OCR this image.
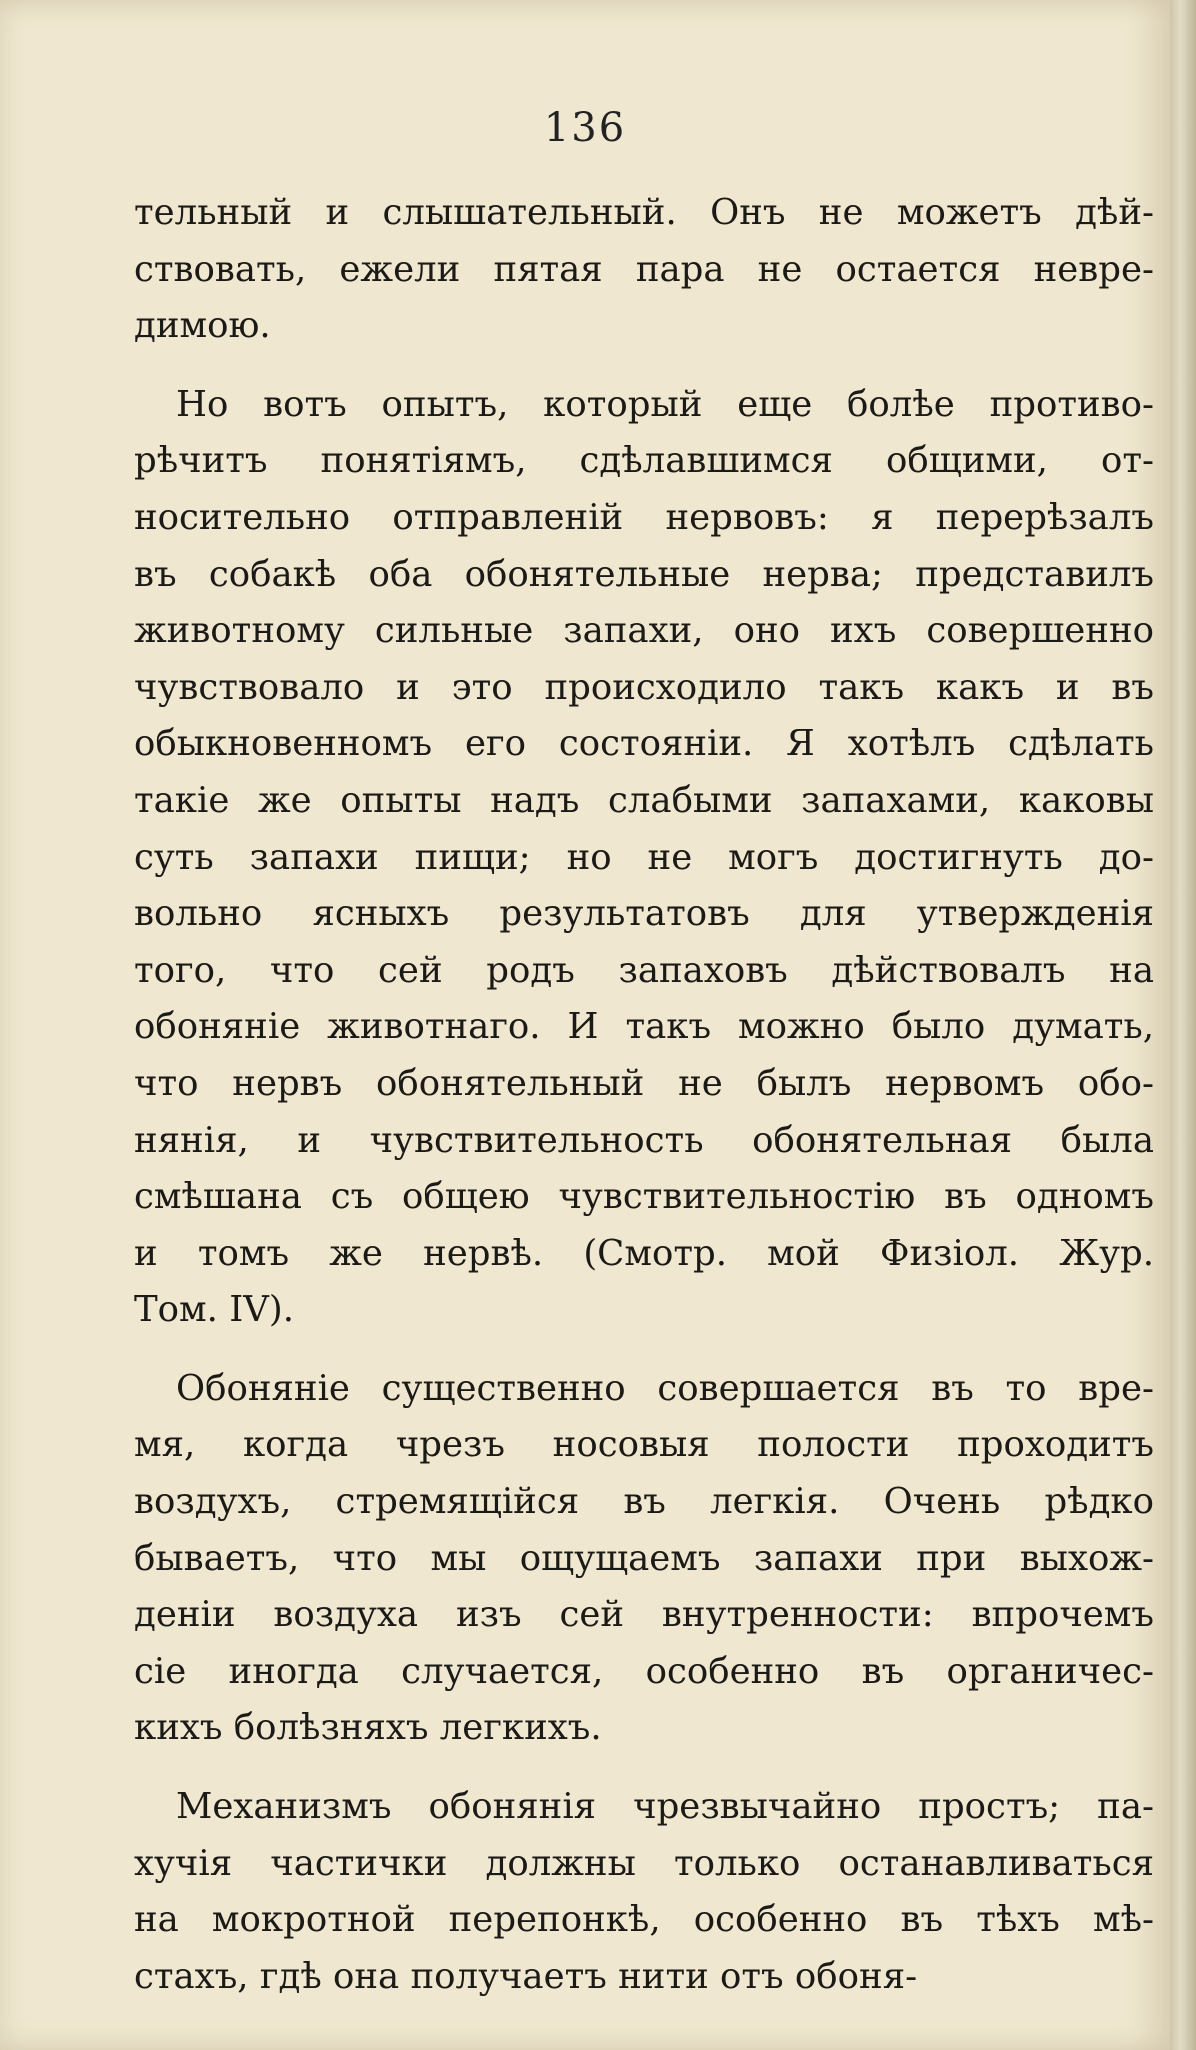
136
тельный и слышательный. Онъ не можетъ дѣй-
ствовать, ежели пятая пара не остается невре-
димою.
Но вотъ опытъ, который еще болѣе противо-
рѣчитъ понятіямъ, сдѣлавшимся общими, от-
носительно отправленій нервовъ: я перерѣзалъ
въ собакѣ оба обонятельные нерва; представилъ
животному сильные запахи, оно ихъ совершенно
чувствовало и это происходило такъ какъ и въ
обыкновенномъ его состояніи. Я хотѣлъ сдѣлать
такіе же опыты надъ слабыми запахами, каковы
суть запахи пищи; но не могъ достигнуть до-
вольно ясныхъ результатовъ для утвержденія
того, что сей родъ запаховъ дѣйствовалъ на
обоняніе животнаго. И такъ можно было думать,
что нервъ обонятельный не былъ нервомъ обо-
нянія, и чувствительность обонятельная была
смѣшана съ общею чувствительностію въ одномъ
и томъ же нервѣ. (Смотр. мой Физіол. Жур.
Том. IV).
Обоняніе существенно совершается въ то вре-
мя, когда чрезъ носовыя полости проходитъ
воздухъ, стремящійся въ легкія. Очень рѣдко
бываетъ, что мы ощущаемъ запахи при выхож-
деніи воздуха изъ сей внутренности: впрочемъ
сіе иногда случается, особенно въ органичес-
кихъ болѣзняхъ легкихъ.
Механизмъ обонянія чрезвычайно простъ; па-
хучія частички должны только останавливаться
на мокротной перепонкѣ, особенно въ тѣхъ мѣ-
стахъ, гдѣ она получаетъ нити отъ обоня-
